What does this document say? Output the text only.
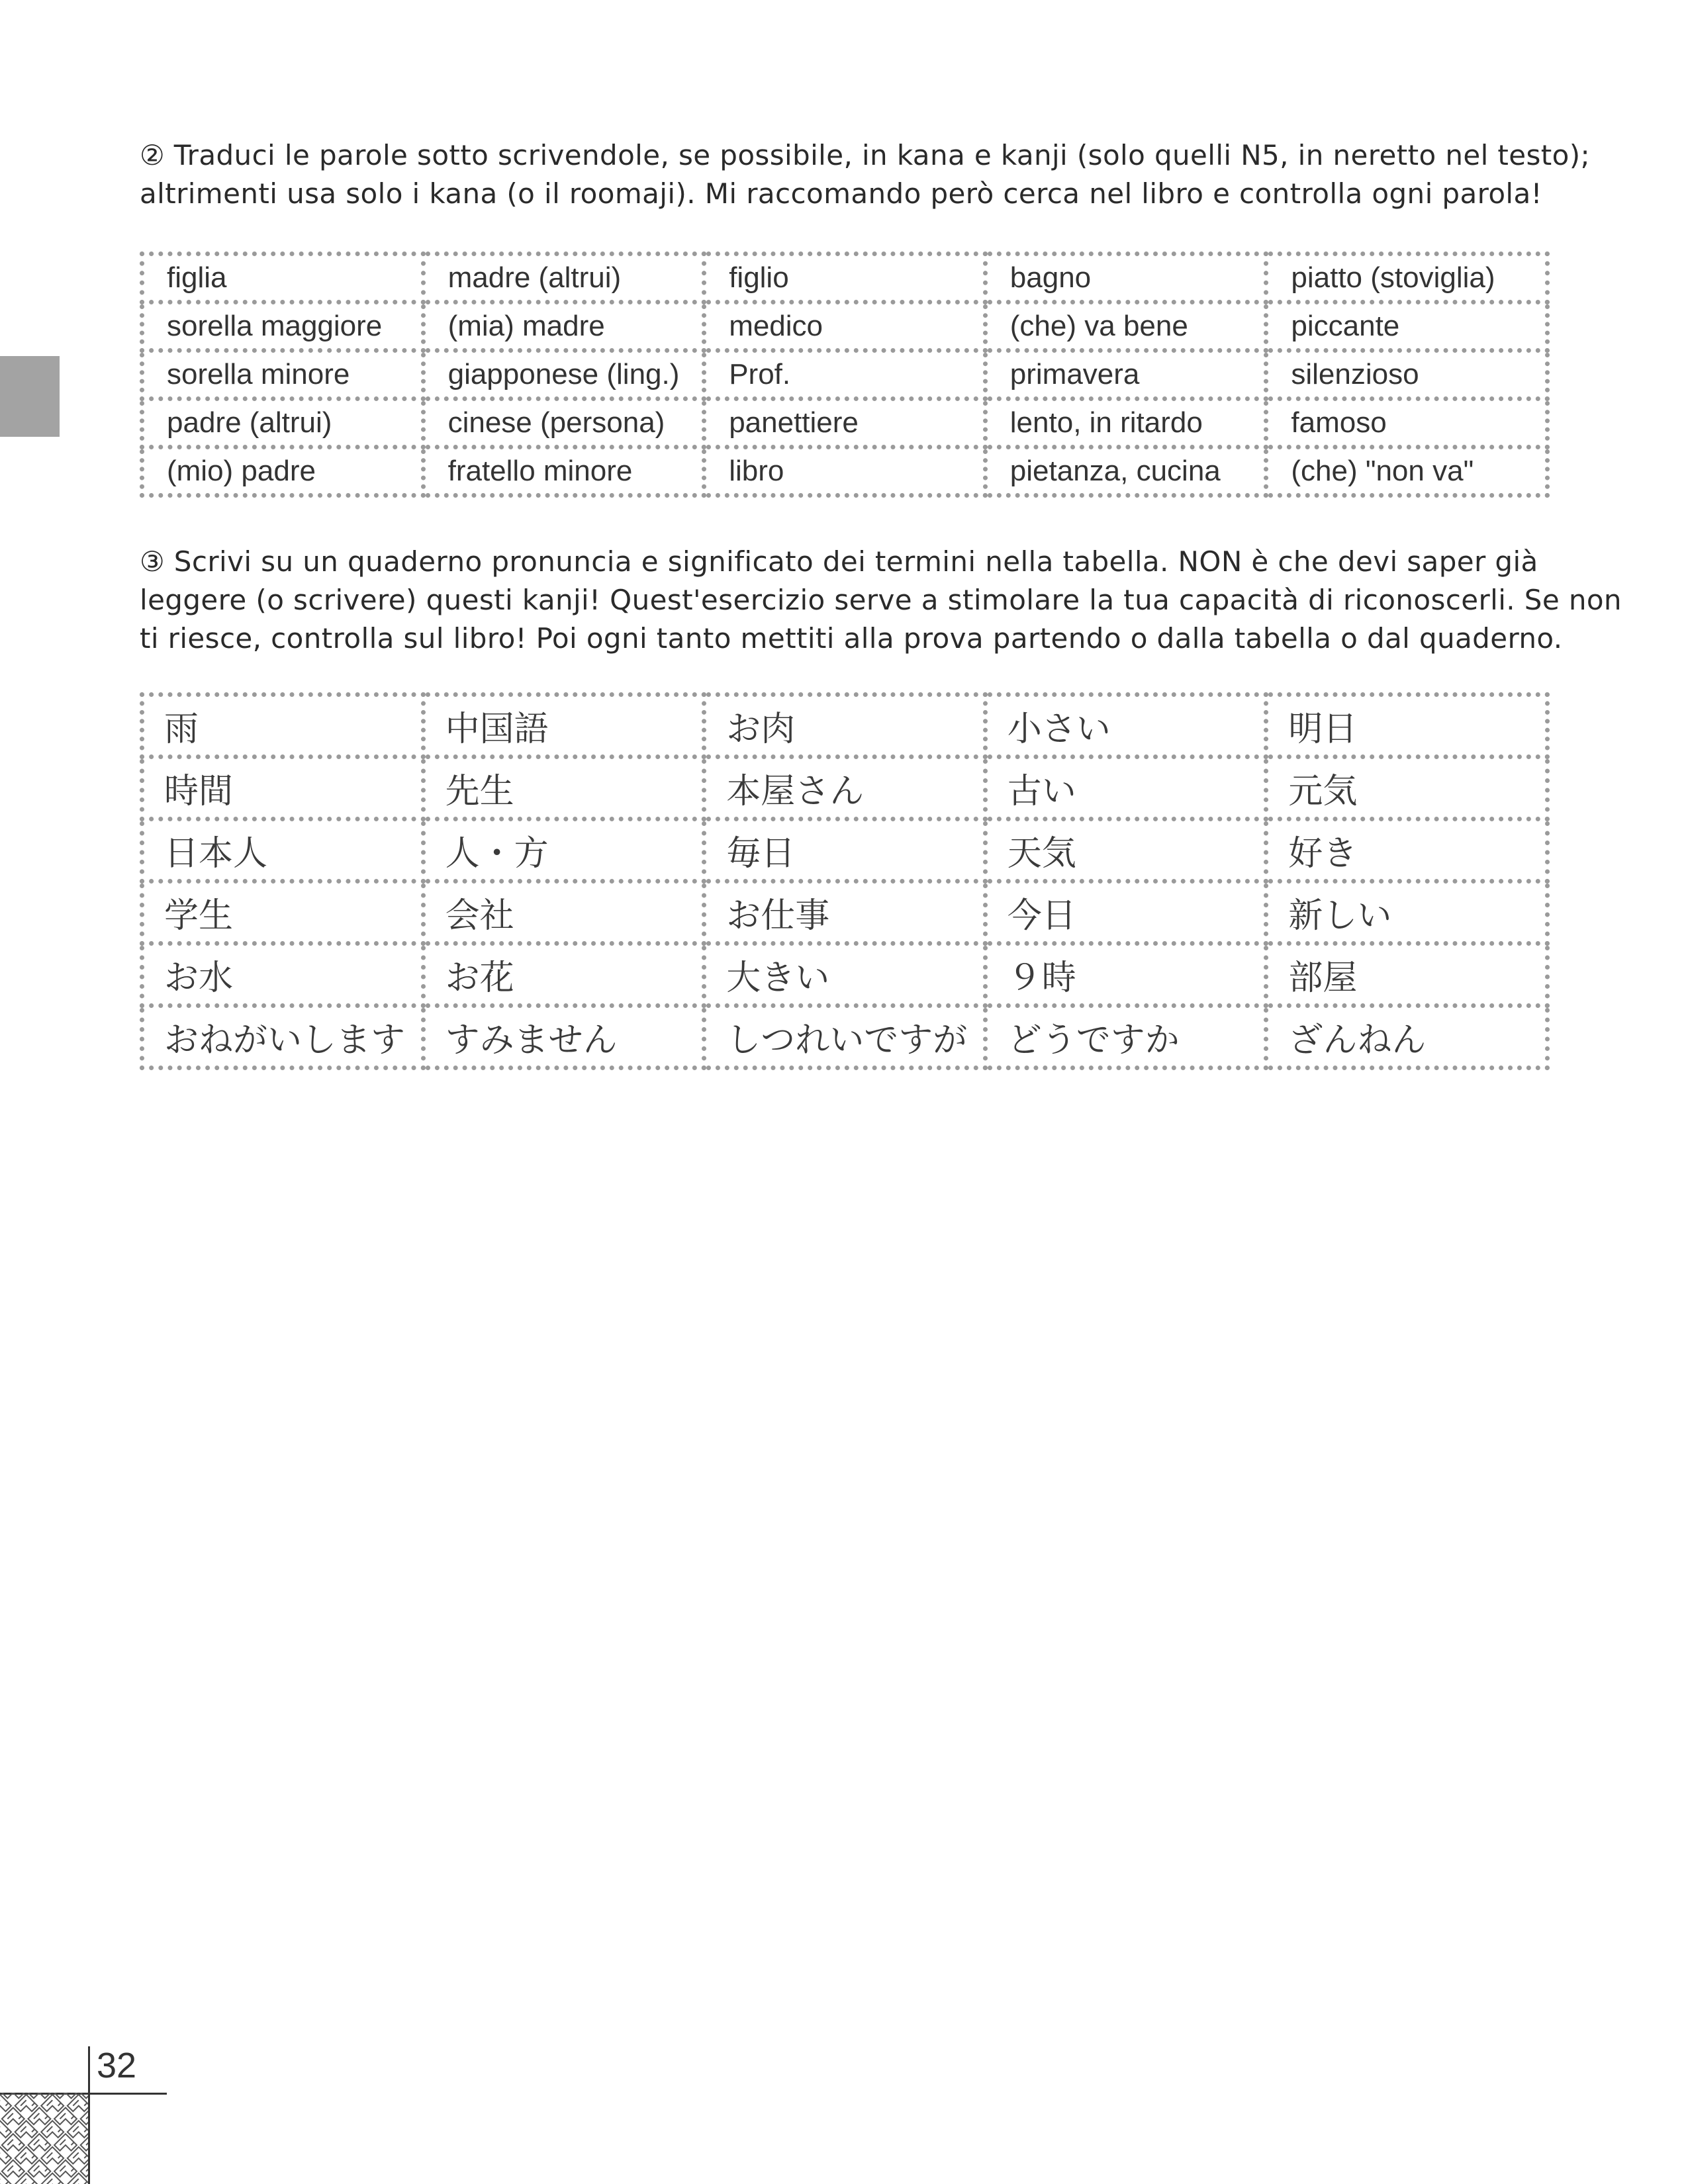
② Traduci le parole sotto scrivendole, se possibile, in kana e kanji (solo quelli N5, in neretto nel testo);
altrimenti usa solo i kana (o il roomaji). Mi raccomando però cerca nel libro e controlla ogni parola!
figlia	madre (altrui)	figlio	bagno	piatto (stoviglia)
sorella maggiore	(mia) madre	medico	(che) va bene	piccante
sorella minore	giapponese (ling.)	Prof.	primavera	silenzioso
padre (altrui)	cinese (persona)	panettiere	lento, in ritardo	famoso
(mio) padre	fratello minore	libro	pietanza, cucina	(che) "non va"
③ Scrivi su un quaderno pronuncia e significato dei termini nella tabella. NON è che devi saper già
leggere (o scrivere) questi kanji! Quest'esercizio serve a stimolare la tua capacità di riconoscerli. Se non
ti riesce, controlla sul libro! Poi ogni tanto mettiti alla prova partendo o dalla tabella o dal quaderno.
雨	中国語	お肉	小さい	明日
時間	先生	本屋さん	古い	元気
日本人	人・方	毎日	天気	好き
学生	会社	お仕事	今日	新しい
お水	お花	大きい	９時	部屋
おねがいします	すみません	しつれいですが	どうですか	ざんねん
32
